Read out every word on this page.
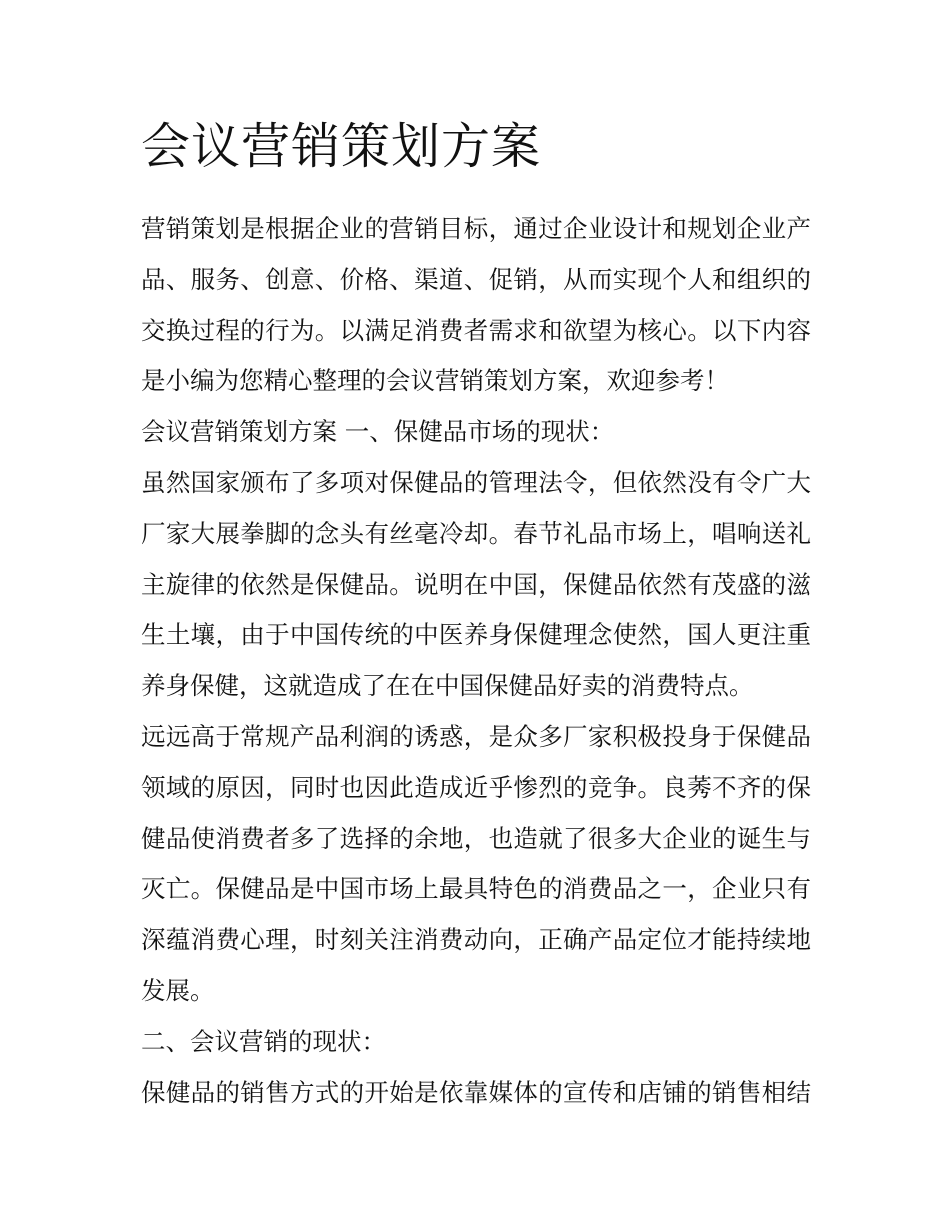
会议营销策划方案

营销策划是根据企业的营销目标，通过企业设计和规划企业产
品、服务、创意、价格、渠道、促销，从而实现个人和组织的
交换过程的行为。以满足消费者需求和欲望为核心。以下内容
是小编为您精心整理的会议营销策划方案，欢迎参考！

会议营销策划方案 一、保健品市场的现状：

虽然国家颁布了多项对保健品的管理法令，但依然没有令广大
厂家大展拳脚的念头有丝毫冷却。春节礼品市场上，唱响送礼
主旋律的依然是保健品。说明在中国，保健品依然有茂盛的滋
生土壤，由于中国传统的中医养身保健理念使然，国人更注重
养身保健，这就造成了在在中国保健品好卖的消费特点。

远远高于常规产品利润的诱惑，是众多厂家积极投身于保健品
领域的原因，同时也因此造成近乎惨烈的竞争。良莠不齐的保
健品使消费者多了选择的余地，也造就了很多大企业的诞生与
灭亡。保健品是中国市场上最具特色的消费品之一，企业只有
深蕴消费心理，时刻关注消费动向，正确产品定位才能持续地
发展。

二、会议营销的现状：

保健品的销售方式的开始是依靠媒体的宣传和店铺的销售相结
